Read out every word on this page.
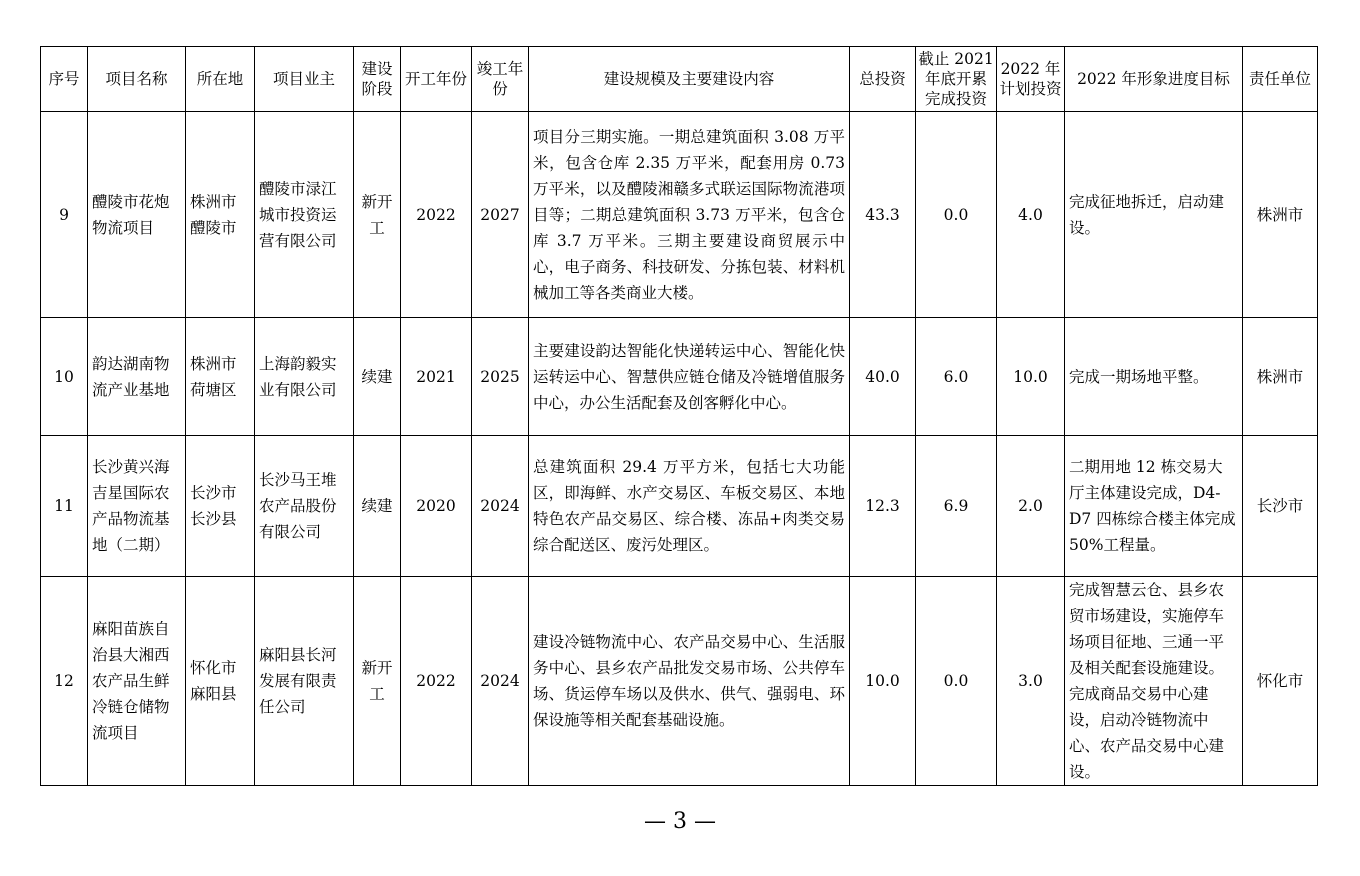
序号	项目名称	所在地	项目业主	建设阶段	开工年份	竣工年份	建设规模及主要建设内容	总投资	截止 2021 年底开累完成投资	2022 年计划投资	2022 年形象进度目标	责任单位
9	醴陵市花炮物流项目	株洲市醴陵市	醴陵市渌江城市投资运营有限公司	新开工	2022	2027	项目分三期实施。一期总建筑面积 3.08 万平米，包含仓库 2.35 万平米，配套用房 0.73 万平米，以及醴陵湘赣多式联运国际物流港项目等；二期总建筑面积 3.73 万平米，包含仓库 3.7 万平米。三期主要建设商贸展示中心，电子商务、科技研发、分拣包装、材料机械加工等各类商业大楼。	43.3	0.0	4.0	完成征地拆迁，启动建设。	株洲市
10	韵达湖南物流产业基地	株洲市荷塘区	上海韵毅实业有限公司	续建	2021	2025	主要建设韵达智能化快递转运中心、智能化快运转运中心、智慧供应链仓储及冷链增值服务中心，办公生活配套及创客孵化中心。	40.0	6.0	10.0	完成一期场地平整。	株洲市
11	长沙黄兴海吉星国际农产品物流基地（二期）	长沙市长沙县	长沙马王堆农产品股份有限公司	续建	2020	2024	总建筑面积 29.4 万平方米，包括七大功能区，即海鲜、水产交易区、车板交易区、本地特色农产品交易区、综合楼、冻品+肉类交易综合配送区、废污处理区。	12.3	6.9	2.0	二期用地 12 栋交易大厅主体建设完成，D4-D7 四栋综合楼主体完成 50%工程量。	长沙市
12	麻阳苗族自治县大湘西农产品生鲜冷链仓储物流项目	怀化市麻阳县	麻阳县长河发展有限责任公司	新开工	2022	2024	建设冷链物流中心、农产品交易中心、生活服务中心、县乡农产品批发交易市场、公共停车场、货运停车场以及供水、供气、强弱电、环保设施等相关配套基础设施。	10.0	0.0	3.0	完成智慧云仓、县乡农贸市场建设，实施停车场项目征地、三通一平及相关配套设施建设。完成商品交易中心建设，启动冷链物流中心、农产品交易中心建设。	怀化市
— 3 —
